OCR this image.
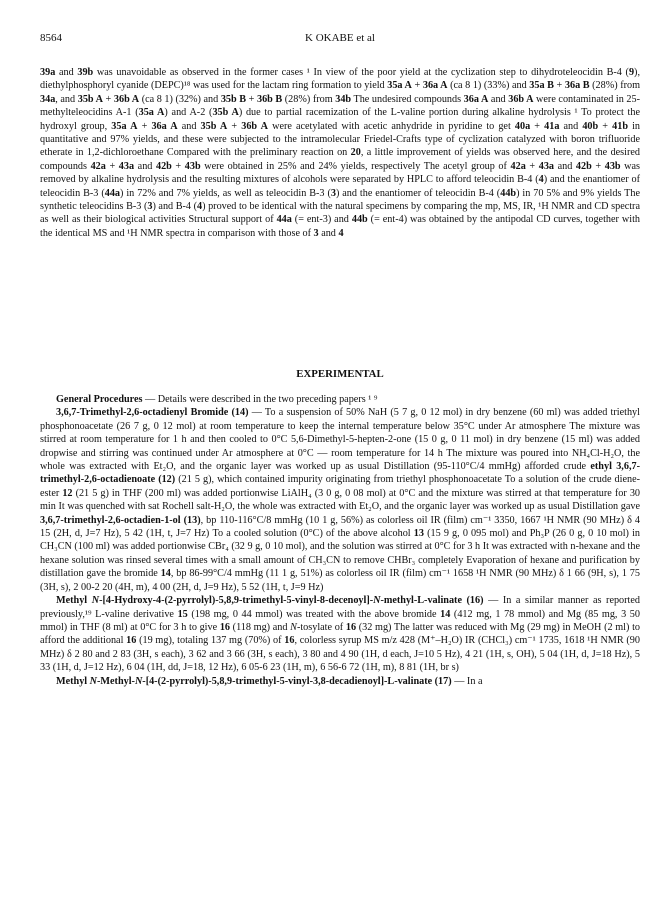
8564	K OKABE et al

39a and 39b was unavoidable as observed in the former cases ¹ In view of the poor yield at the cyclization step to dihydroteleocidin B-4 (9), diethylphosphoryl cyanide (DEPC)¹⁸ was used for the lactam ring formation to yield 35a A + 36a A (ca 8 1) (33%) and 35a B + 36a B (28%) from 34a, and 35b A + 36b A (ca 8 1) (32%) and 35b B + 36b B (28%) from 34b The undesired compounds 36a A and 36b A were contaminated in 25-methylteleocidins A-1 (35a A) and A-2 (35b A) due to partial racemization of the L-valine portion during alkaline hydrolysis ¹ To protect the hydroxyl group, 35a A + 36a A and 35b A + 36b A were acetylated with acetic anhydride in pyridine to get 40a + 41a and 40b + 41b in quantitative and 97% yields, and these were subjected to the intramolecular Friedel-Crafts type of cyclization catalyzed with boron trifluoride etherate in 1,2-dichloroethane Compared with the preliminary reaction on 20, a little improvement of yields was observed here, and the desired compounds 42a + 43a and 42b + 43b were obtained in 25% and 24% yields, respectively The acetyl group of 42a + 43a and 42b + 43b was removed by alkaline hydrolysis and the resulting mixtures of alcohols were separated by HPLC to afford teleocidin B-4 (4) and the enantiomer of teleocidin B-3 (44a) in 72% and 7% yields, as well as teleocidin B-3 (3) and the enantiomer of teleocidin B-4 (44b) in 70 5% and 9% yields The synthetic teleocidins B-3 (3) and B-4 (4) proved to be identical with the natural specimens by comparing the mp, MS, IR, ¹H NMR and CD spectra as well as their biological activities Structural support of 44a (= ent-3) and 44b (= ent-4) was obtained by the antipodal CD curves, together with the identical MS and ¹H NMR spectra in comparison with those of 3 and 4

EXPERIMENTAL

General Procedures — Details were described in the two preceding papers ¹ ⁹

3,6,7-Trimethyl-2,6-octadienyl Bromide (14) — To a suspension of 50% NaH (5 7 g, 0 12 mol) in dry benzene (60 ml) was added triethyl phosphonoacetate (26 7 g, 0 12 mol) at room temperature to keep the internal temperature below 35°C under Ar atmosphere The mixture was stirred at room temperature for 1 h and then cooled to 0°C 5,6-Dimethyl-5-hepten-2-one (15 0 g, 0 11 mol) in dry benzene (15 ml) was added dropwise and stirring was continued under Ar atmosphere at 0°C — room temperature for 14 h The mixture was poured into NH₄Cl-H₂O, the whole was extracted with Et₂O, and the organic layer was worked up as usual Distillation (95-110°C/4 mmHg) afforded crude ethyl 3,6,7-trimethyl-2,6-octadienoate (12) (21 5 g), which contained impurity originating from triethyl phosphonoacetate To a solution of the crude diene-ester 12 (21 5 g) in THF (200 ml) was added portionwise LiAlH₄ (3 0 g, 0 08 mol) at 0°C and the mixture was stirred at that temperature for 30 min It was quenched with sat Rochell salt-H₂O, the whole was extracted with Et₂O, and the organic layer was worked up as usual Distillation gave 3,6,7-trimethyl-2,6-octadien-1-ol (13), bp 110-116°C/8 mmHg (10 1 g, 56%) as colorless oil IR (film) cm⁻¹ 3350, 1667 ¹H NMR (90 MHz) δ 4 15 (2H, d, J=7 Hz), 5 42 (1H, t, J=7 Hz) To a cooled solution (0°C) of the above alcohol 13 (15 9 g, 0 095 mol) and Ph₃P (26 0 g, 0 10 mol) in CH₃CN (100 ml) was added portionwise CBr₄ (32 9 g, 0 10 mol), and the solution was stirred at 0°C for 3 h It was extracted with n-hexane and the hexane solution was rinsed several times with a small amount of CH₃CN to remove CHBr₃ completely Evaporation of hexane and purification by distillation gave the bromide 14, bp 86-99°C/4 mmHg (11 1 g, 51%) as colorless oil IR (film) cm⁻¹ 1658 ¹H NMR (90 MHz) δ 1 66 (9H, s), 1 75 (3H, s), 2 00-2 20 (4H, m), 4 00 (2H, d, J=9 Hz), 5 52 (1H, t, J=9 Hz)

Methyl N-[4-Hydroxy-4-(2-pyrrolyl)-5,8,9-trimethyl-5-vinyl-8-decenoyl]-N-methyl-L-valinate (16) — In a similar manner as reported previously,¹⁹ L-valine derivative 15 (198 mg, 0 44 mmol) was treated with the above bromide 14 (412 mg, 1 78 mmol) and Mg (85 mg, 3 50 mmol) in THF (8 ml) at 0°C for 3 h to give 16 (118 mg) and N-tosylate of 16 (32 mg) The latter was reduced with Mg (29 mg) in MeOH (2 ml) to afford the additional 16 (19 mg), totaling 137 mg (70%) of 16, colorless syrup MS m/z 428 (M⁺–H₂O) IR (CHCl₃) cm⁻¹ 1735, 1618 ¹H NMR (90 MHz) δ 2 80 and 2 83 (3H, s each), 3 62 and 3 66 (3H, s each), 3 80 and 4 90 (1H, d each, J=10 5 Hz), 4 21 (1H, s, OH), 5 04 (1H, d, J=18 Hz), 5 33 (1H, d, J=12 Hz), 6 04 (1H, dd, J=18, 12 Hz), 6 05-6 23 (1H, m), 6 56-6 72 (1H, m), 8 81 (1H, br s)

Methyl N-Methyl-N-[4-(2-pyrrolyl)-5,8,9-trimethyl-5-vinyl-3,8-decadienoyl]-L-valinate (17) — In a
